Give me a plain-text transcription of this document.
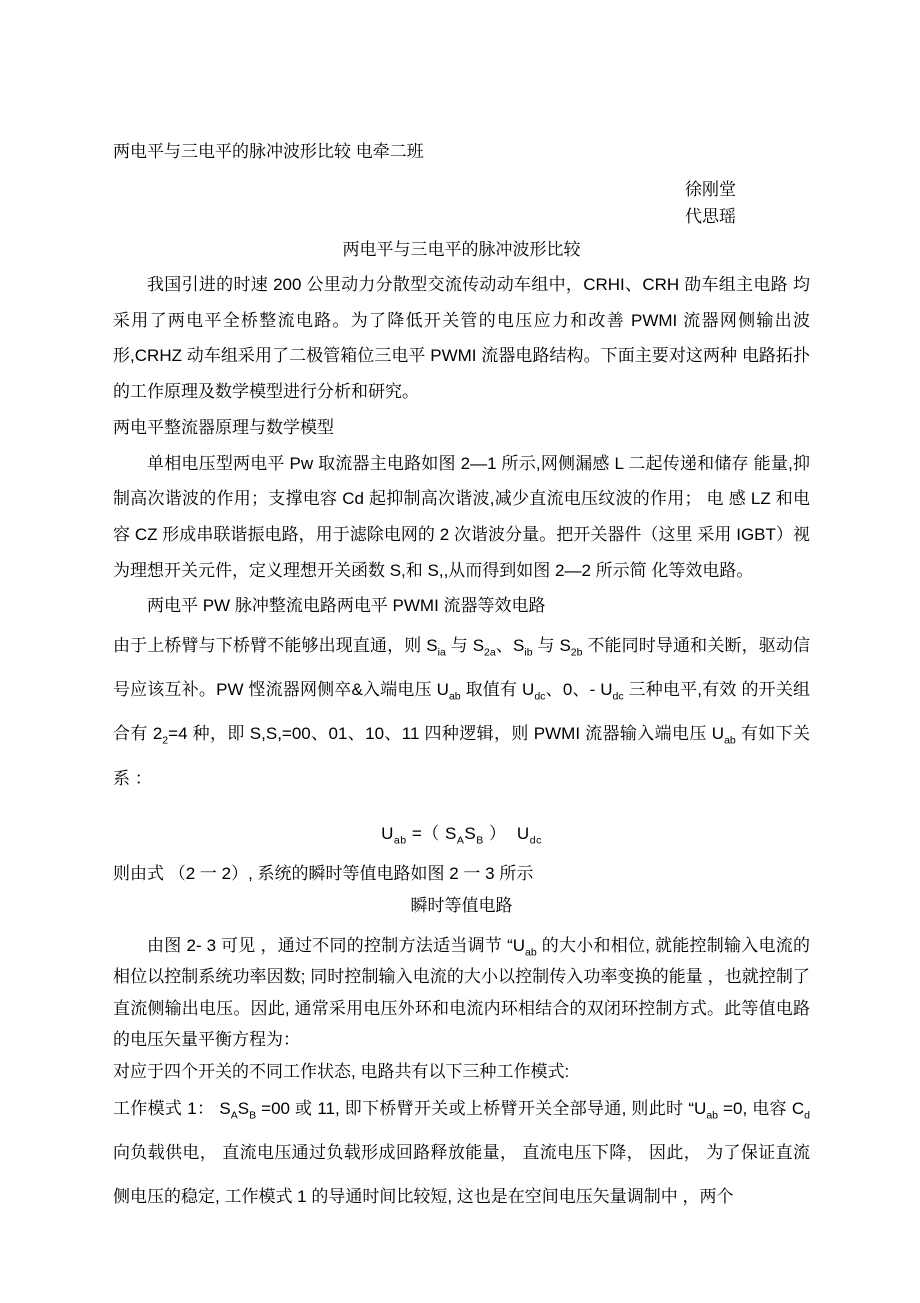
两电平与三电平的脉冲波形比较 电牵二班

徐刚堂

代思瑶

两电平与三电平的脉冲波形比较

我国引进的时速 200 公里动力分散型交流传动动车组中，CRHI、CRH 劭车组主电路 均采用了两电平全桥整流电路。为了降低开关管的电压应力和改善 PWMI 流器网侧输出波形,CRHZ 动车组采用了二极管箱位三电平 PWMI 流器电路结构。下面主要对这两种 电路拓扑的工作原理及数学模型进行分析和研究。

两电平整流器原理与数学模型

单相电压型两电平 Pw 取流器主电路如图 2—1 所示,网侧漏感 L 二起传递和储存 能量,抑制高次谐波的作用；支撑电容 Cd 起抑制高次谐波,减少直流电压纹波的作用； 电 感 LZ 和电容 CZ 形成串联谐振电路，用于滤除电网的 2 次谐波分量。把开关器件（这里 采用 IGBT）视为理想开关元件，定义理想开关函数 S,和 S,,从而得到如图 2—2 所示简 化等效电路。

两电平 PW 脉冲整流电路两电平 PWMI 流器等效电路

由于上桥臂与下桥臂不能够出现直通，则 $S_{ia}$ 与 $S_{2a}$、$S_{ib}$ 与 $S_{2b}$ 不能同时导通和关断，驱动信号应该互补。PW 悭流器网侧卒&入端电压 $U_{ab}$ 取值有 $U_{dc}$、0、- $U_{dc}$ 三种电平,有效 的开关组合有 $2_2=4$ 种，即 S,S,=00、01、10、11 四种逻辑，则 PWMI 流器输入端电压 $U_{ab}$ 有如下关系 ：

$U_{ab}$ =（ $S_AS_B$ ）  $U_{dc}$

则由式 （2 一 2）, 系统的瞬时等值电路如图 2 一 3 所示

瞬时等值电路

由图 2- 3 可见 ，通过不同的控制方法适当调节 “$U_{ab}$ 的大小和相位, 就能控制输入电流的相位以控制系统功率因数; 同时控制输入电流的大小以控制传入功率变换的能量 ，也就控制了直流侧输出电压。因此, 通常采用电压外环和电流内环相结合的双闭环控制方式。此等值电路的电压矢量平衡方程为：

对应于四个开关的不同工作状态, 电路共有以下三种工作模式:

工作模式 1： $S_AS_B =00$ 或 11, 即下桥臂开关或上桥臂开关全部导通, 则此时 “$U_{ab} =0$, 电容 $C_d$ 向负载供电， 直流电压通过负载形成回路释放能量， 直流电压下降， 因此， 为了保证直流侧电压的稳定, 工作模式 1 的导通时间比较短, 这也是在空间电压矢量调制中 ，两个
